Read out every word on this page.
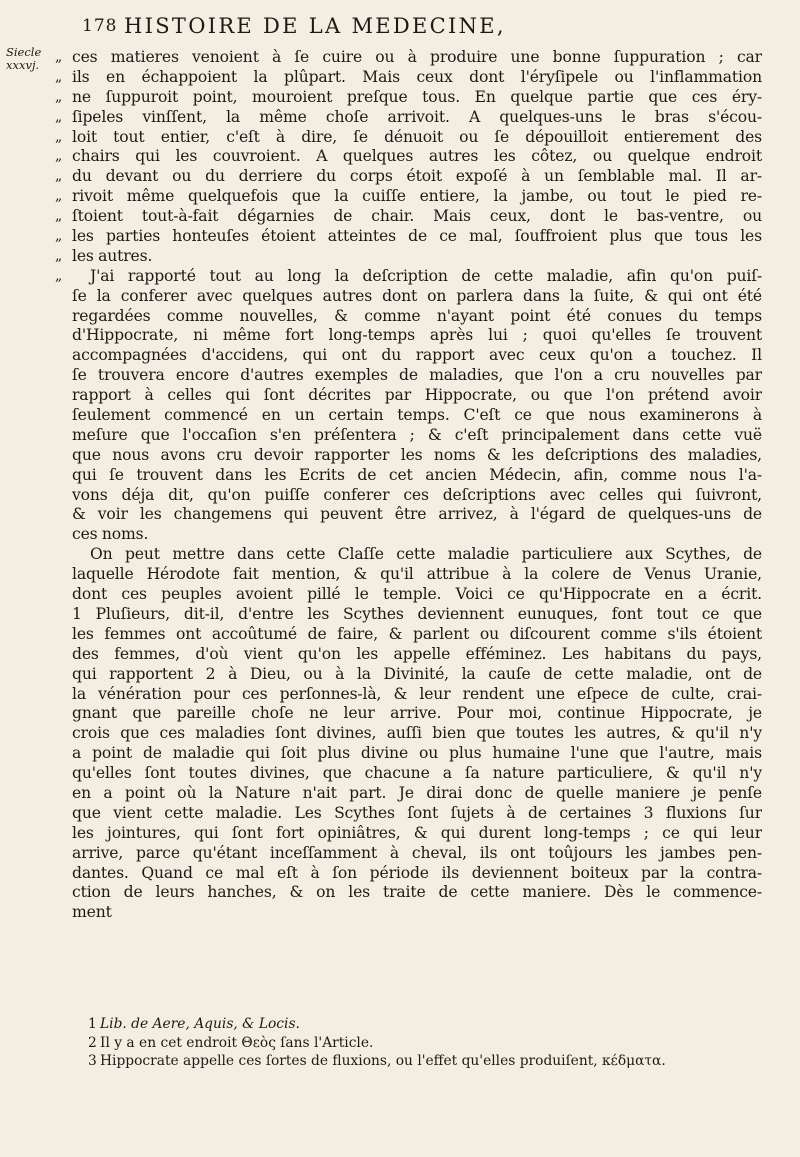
178 HISTOIRE DE LA MEDECINE,
Siecle xxxvj.	„
„
„
„
„
„
„
„
„
„
„
„
ces matieres venoient à ſe cuire ou à produire une bonne ſuppuration ; car
ils en échappoient la plûpart. Mais ceux dont l'éryſipele ou l'inflammation
ne ſuppuroit point, mouroient preſque tous. En quelque partie que ces éry-
ſipeles vinſſent, la même choſe arrivoit. A quelques-uns le bras s'écou-
loit tout entier, c'eſt à dire, ſe dénuoit ou ſe dépouilloit entierement des
chairs qui les couvroient. A quelques autres les côtez, ou quelque endroit
du devant ou du derriere du corps étoit expoſé à un ſemblable mal. Il ar-
rivoit même quelquefois que la cuiſſe entiere, la jambe, ou tout le pied re-
ſtoient tout-à-fait dégarnies de chair. Mais ceux, dont le bas-ventre, ou
les parties honteuſes étoient atteintes de ce mal, ſouffroient plus que tous les
les autres.
J'ai rapporté tout au long la deſcription de cette maladie, afin qu'on puiſ-
ſe la conferer avec quelques autres dont on parlera dans la ſuite, & qui ont été
regardées comme nouvelles, & comme n'ayant point été conues du temps
d'Hippocrate, ni même fort long-temps après lui ; quoi qu'elles ſe trouvent
accompagnées d'accidens, qui ont du rapport avec ceux qu'on a touchez. Il
ſe trouvera encore d'autres exemples de maladies, que l'on a cru nouvelles par
rapport à celles qui ſont décrites par Hippocrate, ou que l'on prétend avoir
ſeulement commencé en un certain temps. C'eſt ce que nous examinerons à
meſure que l'occaſion s'en préſentera ; & c'eſt principalement dans cette vuë
que nous avons cru devoir rapporter les noms & les deſcriptions des maladies,
qui ſe trouvent dans les Ecrits de cet ancien Médecin, afin, comme nous l'a-
vons déja dit, qu'on puiſſe conferer ces deſcriptions avec celles qui ſuivront,
& voir les changemens qui peuvent être arrivez, à l'égard de quelques-uns de
ces noms.
On peut mettre dans cette Claſſe cette maladie particuliere aux Scythes, de
laquelle Hérodote fait mention, & qu'il attribue à la colere de Venus Uranie,
dont ces peuples avoient pillé le temple. Voici ce qu'Hippocrate en a écrit.
1 Pluſieurs, dit-il, d'entre les Scythes deviennent eunuques, font tout ce que
les femmes ont accoûtumé de faire, & parlent ou diſcourent comme s'ils étoient
des femmes, d'où vient qu'on les appelle efféminez. Les habitans du pays,
qui rapportent 2 à Dieu, ou à la Divinité, la cauſe de cette maladie, ont de
la vénération pour ces perſonnes-là, & leur rendent une eſpece de culte, crai-
gnant que pareille choſe ne leur arrive. Pour moi, continue Hippocrate, je
crois que ces maladies ſont divines, auſſi bien que toutes les autres, & qu'il n'y
a point de maladie qui ſoit plus divine ou plus humaine l'une que l'autre, mais
qu'elles ſont toutes divines, que chacune a ſa nature particuliere, & qu'il n'y
en a point où la Nature n'ait part. Je dirai donc de quelle maniere je penſe
que vient cette maladie. Les Scythes ſont ſujets à de certaines 3 fluxions ſur
les jointures, qui ſont fort opiniâtres, & qui durent long-temps ; ce qui leur
arrive, parce qu'étant inceſſamment à cheval, ils ont toûjours les jambes pen-
dantes. Quand ce mal eſt à ſon période ils deviennent boiteux par la contra-
ction de leurs hanches, & on les traite de cette maniere. Dès le commence-
ment
1 Lib. de Aere, Aquis, & Locis.
2 Il y a en cet endroit Θεὸς ſans l'Article.
3 Hippocrate appelle ces ſortes de fluxions, ou l'effet qu'elles produiſent, κέδματα.
